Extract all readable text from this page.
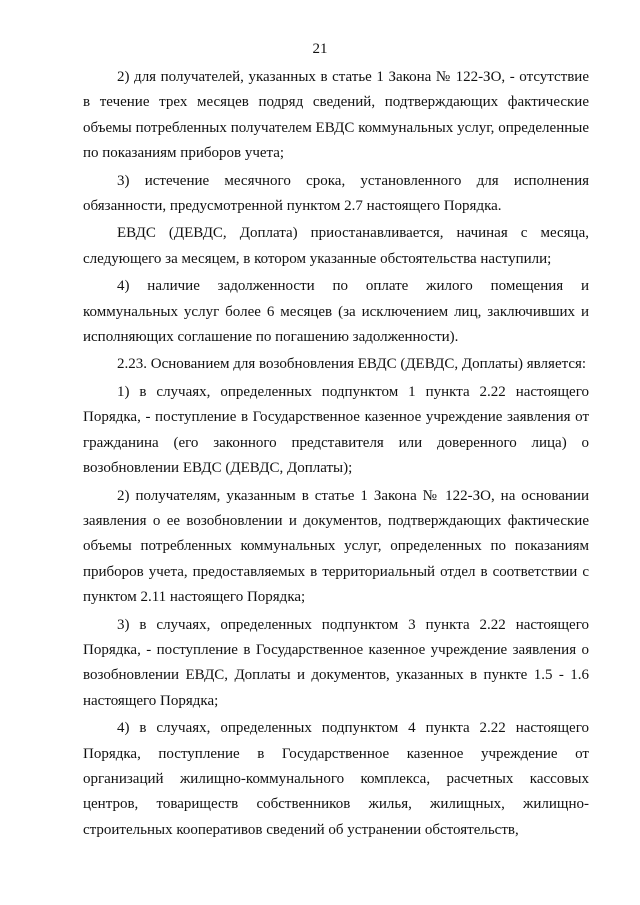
21

2) для получателей, указанных в статье 1 Закона № 122-ЗО, - отсутствие в течение трех месяцев подряд сведений, подтверждающих фактические объемы потребленных получателем ЕВДС коммунальных услуг, определенные по показаниям приборов учета;

3) истечение месячного срока, установленного для исполнения обязанности, предусмотренной пунктом 2.7 настоящего Порядка.

ЕВДС (ДЕВДС, Доплата) приостанавливается, начиная с месяца, следующего за месяцем, в котором указанные обстоятельства наступили;

4) наличие задолженности по оплате жилого помещения и коммунальных услуг более 6 месяцев (за исключением лиц, заключивших и исполняющих соглашение по погашению задолженности).

2.23. Основанием для возобновления ЕВДС (ДЕВДС, Доплаты) является:

1) в случаях, определенных подпунктом 1 пункта 2.22 настоящего Порядка, - поступление в Государственное казенное учреждение заявления от гражданина (его законного представителя или доверенного лица) о возобновлении ЕВДС (ДЕВДС, Доплаты);

2) получателям, указанным в статье 1 Закона № 122-ЗО, на основании заявления о ее возобновлении и документов, подтверждающих фактические объемы потребленных коммунальных услуг, определенных по показаниям приборов учета, предоставляемых в территориальный отдел в соответствии с пунктом 2.11 настоящего Порядка;

3) в случаях, определенных подпунктом 3 пункта 2.22 настоящего Порядка, - поступление в Государственное казенное учреждение заявления о возобновлении ЕВДС, Доплаты и документов, указанных в пункте 1.5 - 1.6 настоящего Порядка;

4) в случаях, определенных подпунктом 4 пункта 2.22 настоящего Порядка, поступление в Государственное казенное учреждение от организаций жилищно-коммунального комплекса, расчетных кассовых центров, товариществ собственников жилья, жилищных, жилищно-строительных кооперативов сведений об устранении обстоятельств,
